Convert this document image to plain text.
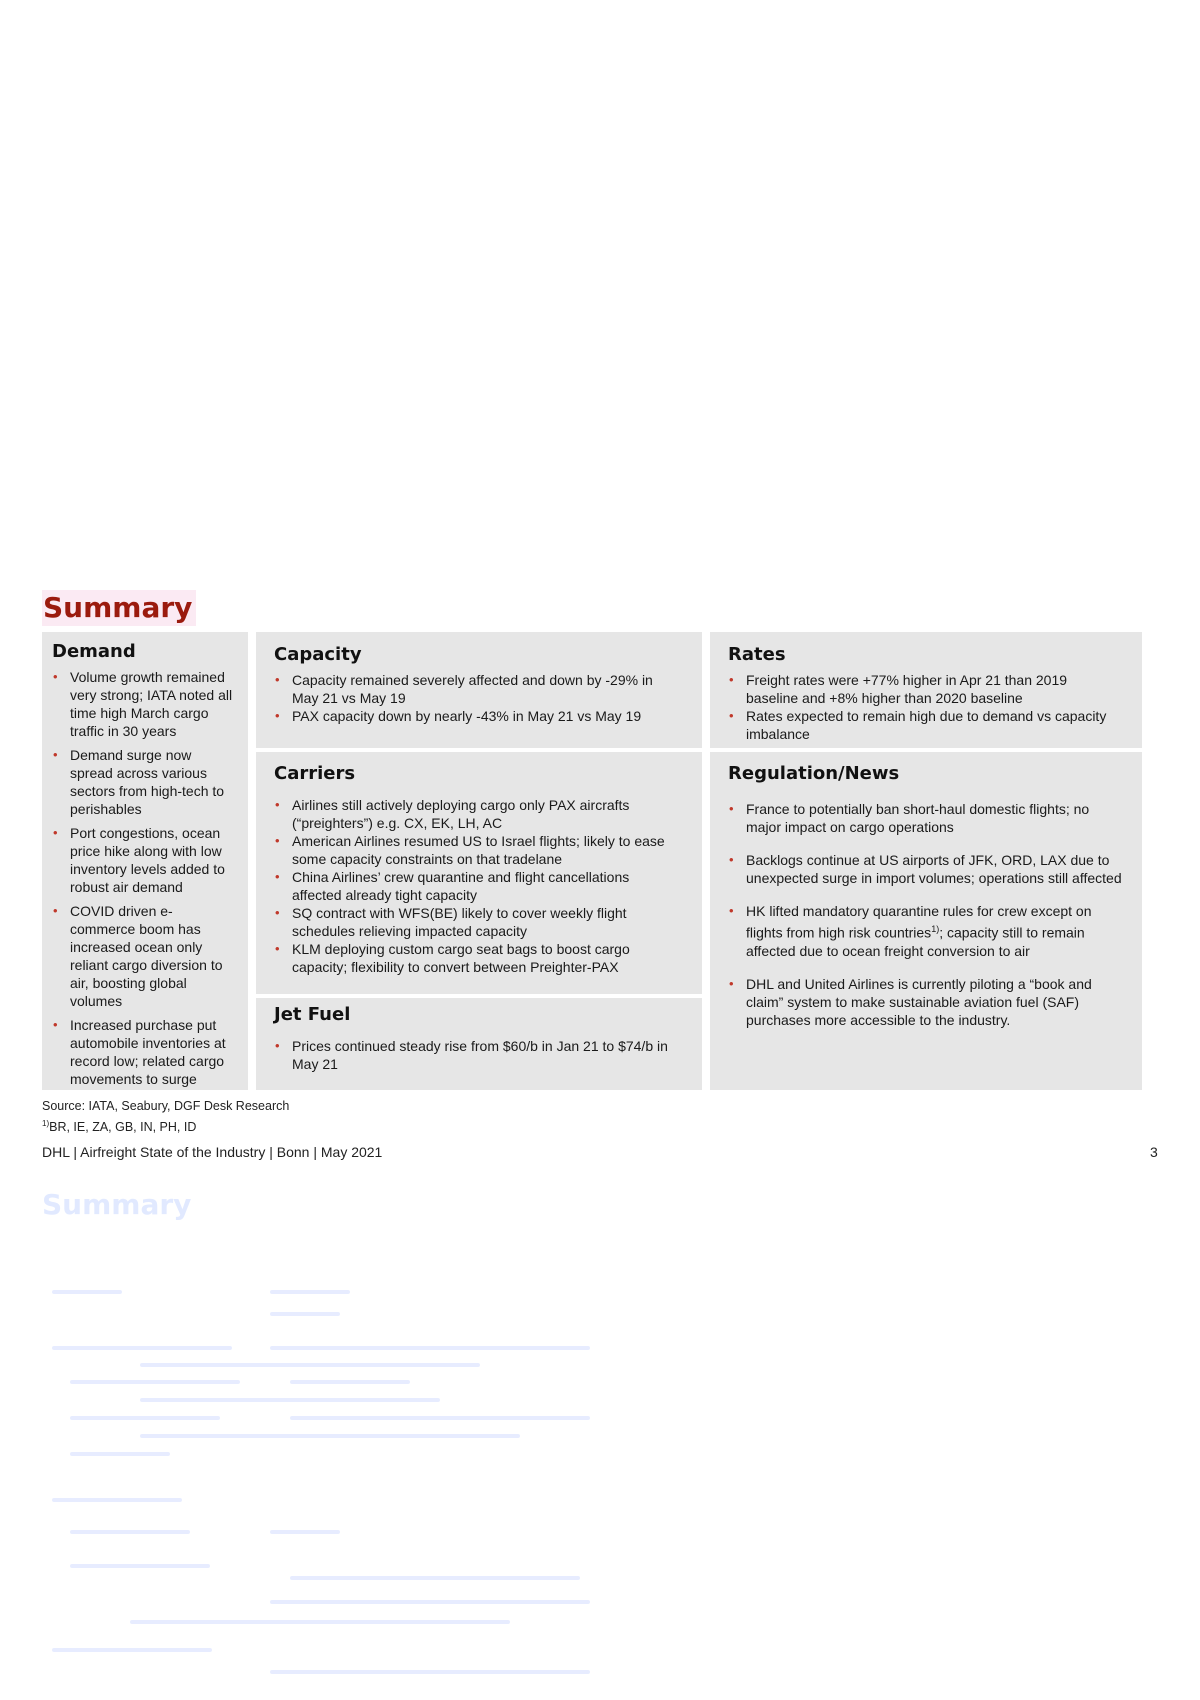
Summary
Demand
• Volume growth remained very strong; IATA noted all time high March cargo traffic in 30 years
• Demand surge now spread across various sectors from high-tech to perishables
• Port congestions, ocean price hike along with low inventory levels added to robust air demand
• COVID driven e-commerce boom has increased ocean only reliant cargo diversion to air, boosting global volumes
• Increased purchase put automobile inventories at record low; related cargo movements to surge
Capacity
• Capacity remained severely affected and down by -29% in May 21 vs May 19
• PAX capacity down by nearly -43% in May 21 vs May 19
Carriers
• Airlines still actively deploying cargo only PAX aircrafts (“preighters”) e.g. CX, EK, LH, AC
• American Airlines resumed US to Israel flights; likely to ease some capacity constraints on that tradelane
• China Airlines’ crew quarantine and flight cancellations affected already tight capacity
• SQ contract with WFS(BE) likely to cover weekly flight schedules relieving impacted capacity
• KLM deploying custom cargo seat bags to boost cargo capacity; flexibility to convert between Preighter-PAX
Jet Fuel
• Prices continued steady rise from $60/b in Jan 21 to $74/b in May 21
Rates
• Freight rates were +77% higher in Apr 21 than 2019 baseline and +8% higher than 2020 baseline
• Rates expected to remain high due to demand vs capacity imbalance
Regulation/News
• France to potentially ban short-haul domestic flights; no major impact on cargo operations
• Backlogs continue at US airports of JFK, ORD, LAX due to unexpected surge in import volumes; operations still affected
• HK lifted mandatory quarantine rules for crew except on flights from high risk countries$^{1)}$; capacity still to remain affected due to ocean freight conversion to air
• DHL and United Airlines is currently piloting a “book and claim” system to make sustainable aviation fuel (SAF) purchases more accessible to the industry.
Source: IATA, Seabury, DGF Desk Research
$^{1)}$BR, IE, ZA, GB, IN, PH, ID
DHL | Airfreight State of the Industry | Bonn | May 2021	3
Summary
